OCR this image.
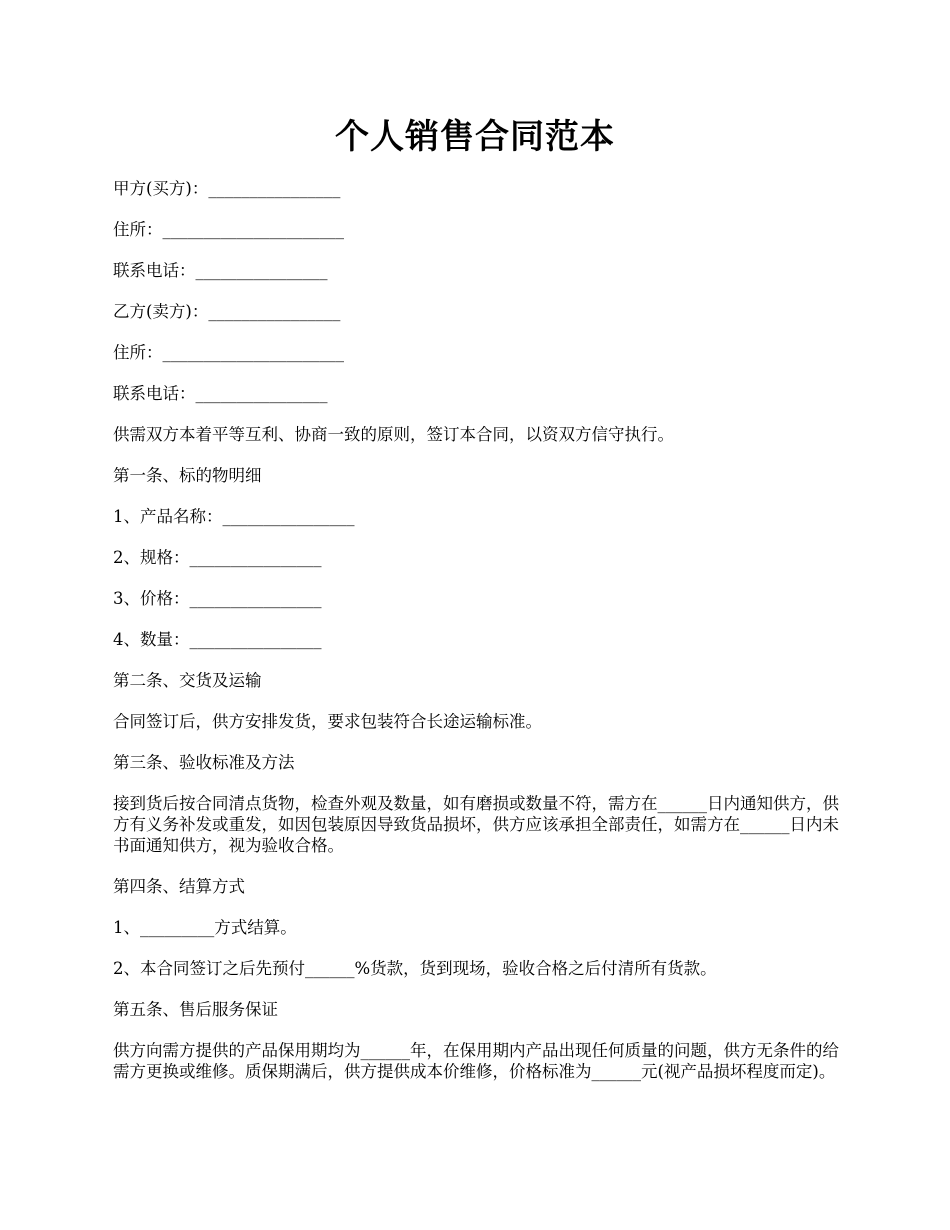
个人销售合同范本

甲方(买方)：________________

住所：______________________

联系电话：________________

乙方(卖方)：________________

住所：______________________

联系电话：________________

供需双方本着平等互利、协商一致的原则，签订本合同，以资双方信守执行。

第一条、标的物明细

1、产品名称：________________

2、规格：________________

3、价格：________________

4、数量：________________

第二条、交货及运输

合同签订后，供方安排发货，要求包装符合长途运输标准。

第三条、验收标准及方法

接到货后按合同清点货物，检查外观及数量，如有磨损或数量不符，需方在______日内通知供方，供方有义务补发或重发，如因包装原因导致货品损坏，供方应该承担全部责任，如需方在______日内未书面通知供方，视为验收合格。

第四条、结算方式

1、_________方式结算。

2、本合同签订之后先预付______%货款，货到现场，验收合格之后付清所有货款。

第五条、售后服务保证

供方向需方提供的产品保用期均为______年，在保用期内产品出现任何质量的问题，供方无条件的给需方更换或维修。质保期满后，供方提供成本价维修，价格标准为______元(视产品损坏程度而定)。
